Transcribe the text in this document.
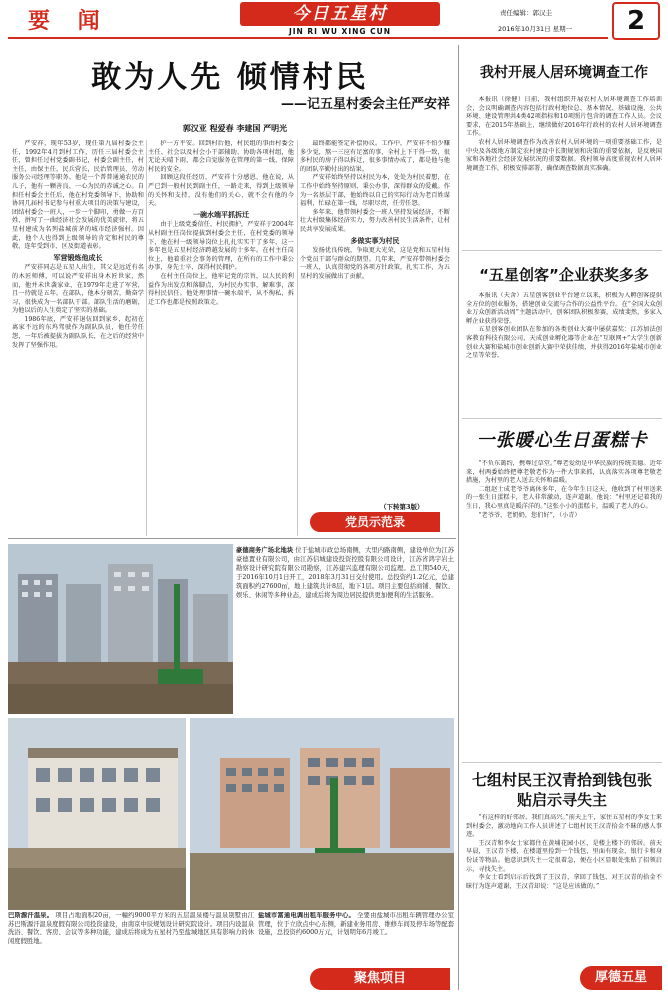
要 闻	今日五星村
JIN RI WU XING CUN
责任编辑：郭汉圭
2016年10月31日 星期一	2
敢为人先 倾情村民
——记五星村委会主任严安祥
郭汉亚 程爱春 李建国 严明光

严安祥，现年53岁，现任第九届村委会主任，1992年4月到村工作，历任三届村委会主任，曾担任过村党委副书记，村委会副主任，村主任，由保主任，民兵营长，民治管理员，劳动服务公司经理等职务。他是一个普普通通农民的儿子，他有一颗善良、一心为民的赤诚之心。自担任村委会主任后，他在村党委领导下，协助和协同几届村书记参与村重大项目的决策与建设，团结村委会一班人，一步一个脚印，勇做一方百姓，拼写了一曲经济社会发展的优美旋律，将五星村建成为名列盐城前茅的城市经济强村。因此，他个人也得到上级领导的肯定和村民的尊敬，连年受到市、区及街道表彰。

军营锻炼他成长

严安祥同志是五星人出生，其父是远近有名的木匠师傅，可以说严安祥出身木匠世家，然而，他并未世袭家业，在1979年走进了军营，且一待就是五年。在部队，他本分刻苦，勤奋学习，很快成为一名部队干部。部队生活的磨砺，为他以后的人生奠定了坚实的基础。

1986年底，严安祥退伍回到家乡，起初在离家不远的东坞驾驶作为副队队员，他任劳任怨，一年后被提拔为副队队长，在之后的经营中发挥了坚强作用。

护一方平安。回到村后他，村民组的事由村委会主任、社会以及村会小干部辅助、协助各项村组，他无论天晴下雨，都会自觉服务在管理的第一线，保障村民的安全。

回顾这段任经历，严安祥十分感恩、他在说，从严已到一般村民到副主任，一路走来，得到上级领导的关怀和支持，没有他们的关心，就不会有他的今天。

一碗水端平抓拆迁

由于上级党委信任，村民拥护，严安祥于2004年从村副主任岗位提拔到村委会主任，在村党委的领导下，他在村一级领导岗位上扎扎实实干了多年，这一多年也是五星村经济跨越发展的十多年。在村主任岗位上，他着重社会事务的管理，在所有的工作中秉公办事，身先士卒，深得村民拥护。

在村主任岗位上，他牢记党的宗旨，以人民的利益作为出发点和落脚点，为村民办实事，解难事，深得村民信任。他处理事情一碗水端平，从不徇私，拆迁工作也都是按照政策走。

最终都能签定补偿协议。工作中，严安祥不怕少赚多少觉，熬一三应有足富的事，全村上下干得一致，很多村民的房子得以拆迁，很多事情办成了，都是他与他的团队辛勤付出的结果。

严安祥始终坚持以村民为本，处处为村民着想，在工作中始终坚持原则、秉公办事，深得群众的爱戴。作为一名基层干部，他始终以自己的实际行动为老百姓谋福利，忙碌在第一线，尽职尽责，任劳任怨。

多年来，他带领村委会一班人坚持发展经济，不断壮大村级集体经济实力，努力改善村民生活条件，让村民共享发展成果。

多做实事为村民

发扬优良传统，争取更大光荣，这是党和五星村每个党员干部与群众的期望。几年来，严安祥带领村委会一班人，认真贯彻党的各项方针政策，扎实工作，为五星村的发展做出了贡献。

（下转第3版）
党员示范录
豪德商务广场北地块 位于盐城市政总场南侧，大里内路南侧，建设单位为江苏豪德置业有限公司，由江苏信城建设投资控股有限公司设计，江苏省鸿宇岩土勘察设计研究院有限公司勘察，江苏建兴监理有限公司监理。总工期540天，于2016年10月1日开工，2018年3月31日交付使用。总投资约1.2亿元，总建筑面积约27600㎡，地上建筑共计8层，地下1层。项目主要包括商铺、餐饮、娱乐、休闲等多种业态，建成后将为周边居民提供更加便利的生活服务。
巴斯源汗温泉。 项目占地面积20亩，一幢约9000平方米的五层温泉楼与温泉别墅由江苏巴斯源汗温泉度假有限公司投资建设，由南京中辰规划设计研究院设计。项目内设温泉洗浴、餐饮、客房、会议等多种功能，建成后将成为五星村乃至盐城地区具有影响力的休闲度假胜地。
盐城市富通电调出租车服务中心。 全要由盐城市出租车辆管理办公室管理，位于立欣点中心东侧，新建业务用房、维修车间及停车场等配套设施，总投资约6000万元，计划明年6月竣工。
聚焦项目
我村开展人居环境调查工作

本报讯（徐健）日前，我村组织开展农村人居环境调查工作培训会，会议明确调查内容包括行政村地位总、基本情况、基础设施、公共环境、建设管理共4类42项指标和10项照片包含的调查工作人员。会议要求，在2015年基础上，继续做好2016年行政村的农村人居环境调查工作。

农村人居环境调查作为改善农村人居环境的一项重要基础工作，是中央及各级地方制定农村建设中长期规划和决策的重要依据，是反映国家和各地社会经济发展状况的重要数据。我村领导高度重视农村人居环境调查工作，积极安排部署，确保调查数据真实准确。

“五星创客”企业获奖多多

本报讯（天舍）五星创客创业平台建立以来，积极为入孵创客提供全方位的创业服务，搭建创业交流与合作的公益性平台。在“全国大众创业万众创新活动周”主题活动中，创客团队积极参赛，成绩斐然，多家入孵企业获得荣誉。

五星创客创业团队在参加的各类创业大赛中屡获嘉奖：江苏加法创客教育科技有限公司、天成创业孵化器等企业在“互联网+”大学生创新创业大赛和盐城市创业创新大赛中荣获佳绩，并获得2016年盐城市创业之星等荣誉。

一张暖心生日蛋糕卡

“不负东篱约，携尊过草堂。”尊老爱幼是中华民族的传统美德。近年来，村两委始终把尊老敬老作为一件大事来抓，认真落实各项尊老敬老措施，为村里的老人送去关怀和温暖。

二组赵士成老爷爷离休多年，在今年生日这天，他收到了村里送来的一张生日蛋糕卡，老人非常激动，连声道谢。他说：“村里还记着我的生日，我心里真是暖洋洋的。”这张小小的蛋糕卡，温暖了老人的心。

“老爷爷，老奶奶，您们好”，（小青）

七组村民王汉青拾到钱包张贴启示寻失主

“有这样的好邻居，我们真高兴。”前天上午，家住五星村的李女士来到村委会，激动地向工作人员讲述了七组村民王汉青拾金不昧的感人事迹。

王汉青和李女士家都住在黄埔花园小区，是楼上楼下的邻居。前天早晨，王汉青下楼，在楼道里捡到一个钱包，里面有现金、银行卡和身份证等物品。他意识到失主一定很着急，便在小区显眼处张贴了招领启示，寻找失主。

李女士看到启示后找到了王汉青，拿回了钱包，对王汉青的拾金不昧行为连声道谢，王汉青却说：“这是应该做的。”

厚德五星
